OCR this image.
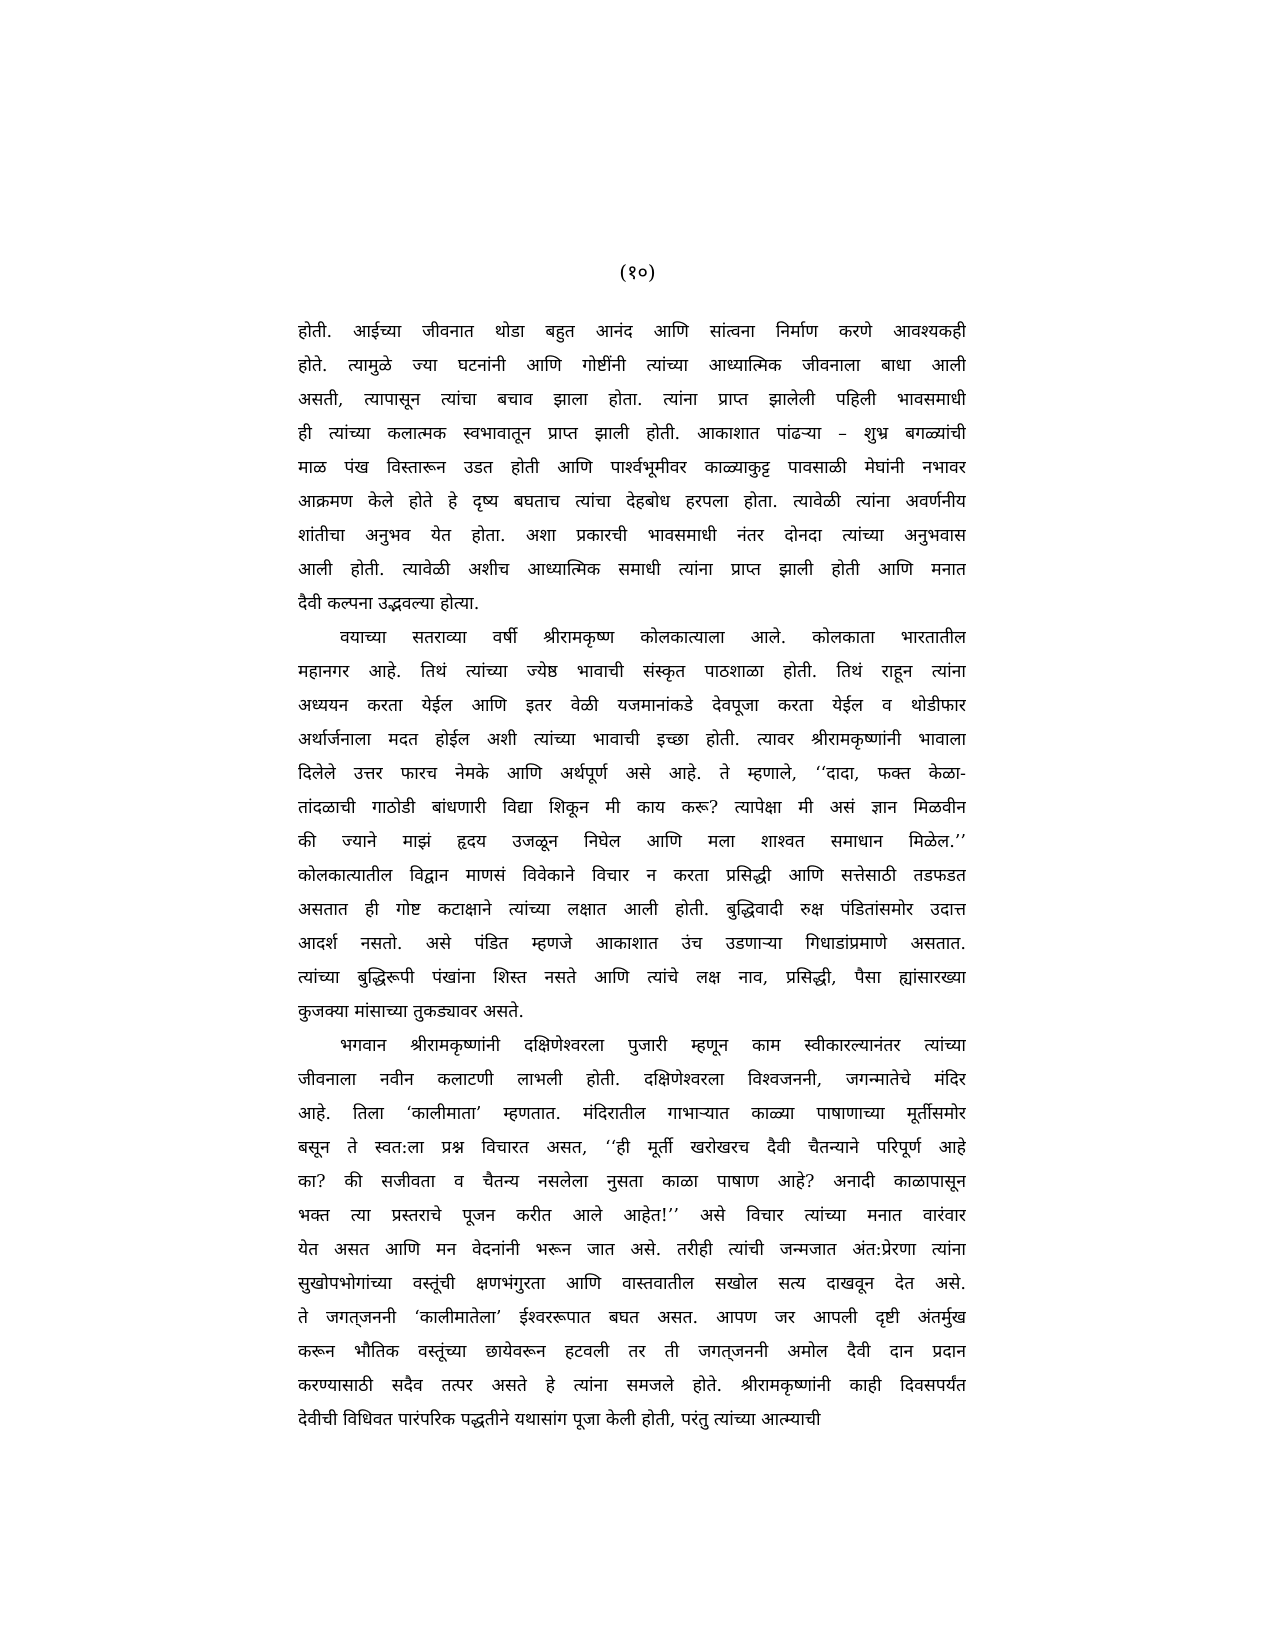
(१०)
होती. आईच्या जीवनात थोडा बहुत आनंद आणि सांत्वना निर्माण करणे आवश्यकही
होते. त्यामुळे ज्या घटनांनी आणि गोष्टींनी त्यांच्या आध्यात्मिक जीवनाला बाधा आली
असती, त्यापासून त्यांचा बचाव झाला होता. त्यांना प्राप्त झालेली पहिली भावसमाधी
ही त्यांच्या कलात्मक स्वभावातून प्राप्त झाली होती. आकाशात पांढऱ्या – शुभ्र बगळ्यांची
माळ पंख विस्तारून उडत होती आणि पार्श्वभूमीवर काळ्याकुट्ट पावसाळी मेघांनी नभावर
आक्रमण केले होते हे दृष्य बघताच त्यांचा देहबोध हरपला होता. त्यावेळी त्यांना अवर्णनीय
शांतीचा अनुभव येत होता. अशा प्रकारची भावसमाधी नंतर दोनदा त्यांच्या अनुभवास
आली होती. त्यावेळी अशीच आध्यात्मिक समाधी त्यांना प्राप्त झाली होती आणि मनात
दैवी कल्पना उद्भवल्या होत्या.
वयाच्या सतराव्या वर्षी श्रीरामकृष्ण कोलकात्याला आले. कोलकाता भारतातील
महानगर आहे. तिथं त्यांच्या ज्येष्ठ भावाची संस्कृत पाठशाळा होती. तिथं राहून त्यांना
अध्ययन करता येईल आणि इतर वेळी यजमानांकडे देवपूजा करता येईल व थोडीफार
अर्थार्जनाला मदत होईल अशी त्यांच्या भावाची इच्छा होती. त्यावर श्रीरामकृष्णांनी भावाला
दिलेले उत्तर फारच नेमके आणि अर्थपूर्ण असे आहे. ते म्हणाले, ‘‘दादा, फक्त केळा-
तांदळाची गाठोडी बांधणारी विद्या शिकून मी काय करू? त्यापेक्षा मी असं ज्ञान मिळवीन
की ज्याने माझं हृदय उजळून निघेल आणि मला शाश्वत समाधान मिळेल.’’
कोलकात्यातील विद्वान माणसं विवेकाने विचार न करता प्रसिद्धी आणि सत्तेसाठी तडफडत
असतात ही गोष्ट कटाक्षाने त्यांच्या लक्षात आली होती. बुद्धिवादी रुक्ष पंडितांसमोर उदात्त
आदर्श नसतो. असे पंडित म्हणजे आकाशात उंच उडणाऱ्या गिधाडांप्रमाणे असतात.
त्यांच्या बुद्धिरूपी पंखांना शिस्त नसते आणि त्यांचे लक्ष नाव, प्रसिद्धी, पैसा ह्यांसारख्या
कुजक्या मांसाच्या तुकड्यावर असते.
भगवान श्रीरामकृष्णांनी दक्षिणेश्वरला पुजारी म्हणून काम स्वीकारल्यानंतर त्यांच्या
जीवनाला नवीन कलाटणी लाभली होती. दक्षिणेश्वरला विश्वजननी, जगन्मातेचे मंदिर
आहे. तिला ‘कालीमाता’ म्हणतात. मंदिरातील गाभाऱ्यात काळ्या पाषाणाच्या मूर्तीसमोर
बसून ते स्वत:ला प्रश्न विचारत असत, ‘‘ही मूर्ती खरोखरच दैवी चैतन्याने परिपूर्ण आहे
का? की सजीवता व चैतन्य नसलेला नुसता काळा पाषाण आहे? अनादी काळापासून
भक्त त्या प्रस्तराचे पूजन करीत आले आहेत!’’ असे विचार त्यांच्या मनात वारंवार
येत असत आणि मन वेदनांनी भरून जात असे. तरीही त्यांची जन्मजात अंत:प्रेरणा त्यांना
सुखोपभोगांच्या वस्तूंची क्षणभंगुरता आणि वास्तवातील सखोल सत्य दाखवून देत असे.
ते जगत्‌जननी ‘कालीमातेला’ ईश्वररूपात बघत असत. आपण जर आपली दृष्टी अंतर्मुख
करून भौतिक वस्तूंच्या छायेवरून हटवली तर ती जगत्‌जननी अमोल दैवी दान प्रदान
करण्यासाठी सदैव तत्पर असते हे त्यांना समजले होते. श्रीरामकृष्णांनी काही दिवसपर्यंत
देवीची विधिवत पारंपरिक पद्धतीने यथासांग पूजा केली होती, परंतु त्यांच्या आत्म्याची
